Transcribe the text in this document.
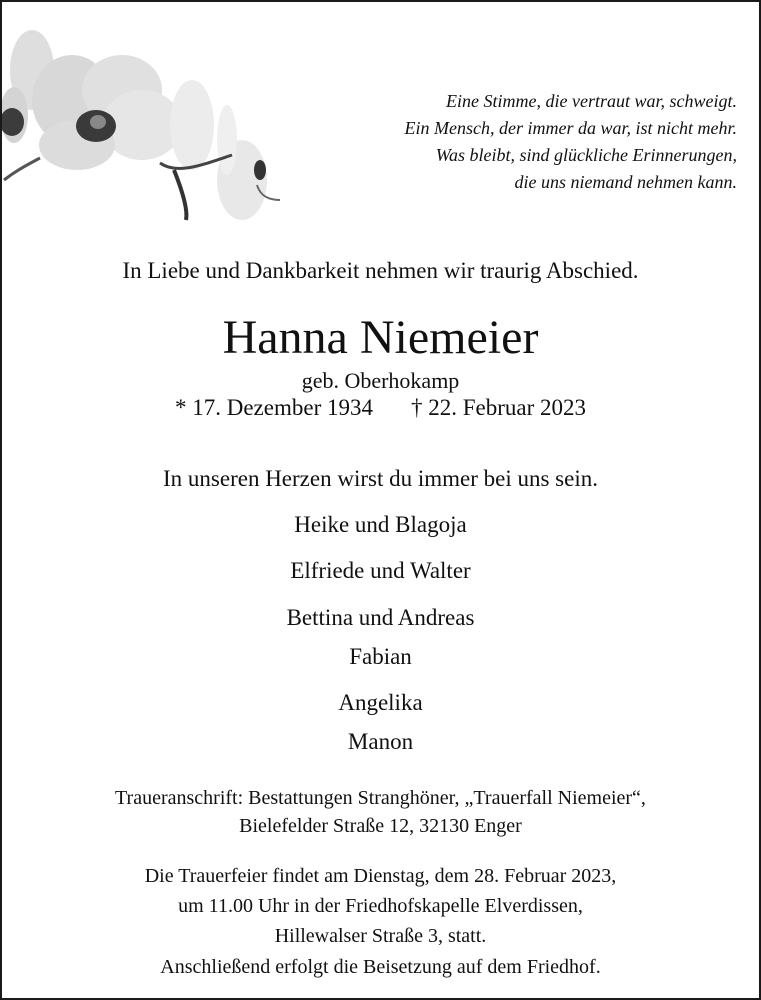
Eine Stimme, die vertraut war, schweigt.
Ein Mensch, der immer da war, ist nicht mehr.
Was bleibt, sind glückliche Erinnerungen,
die uns niemand nehmen kann.
In Liebe und Dankbarkeit nehmen wir traurig Abschied.
Hanna Niemeier
geb. Oberhokamp
* 17. Dezember 1934 † 22. Februar 2023
In unseren Herzen wirst du immer bei uns sein.
Heike und Blagoja
Elfriede und Walter
Bettina und Andreas
Fabian
Angelika
Manon
Traueranschrift: Bestattungen Stranghöner, „Trauerfall Niemeier“,
Bielefelder Straße 12, 32130 Enger
Die Trauerfeier findet am Dienstag, dem 28. Februar 2023,
um 11.00 Uhr in der Friedhofskapelle Elverdissen,
Hillewalser Straße 3, statt.
Anschließend erfolgt die Beisetzung auf dem Friedhof.
